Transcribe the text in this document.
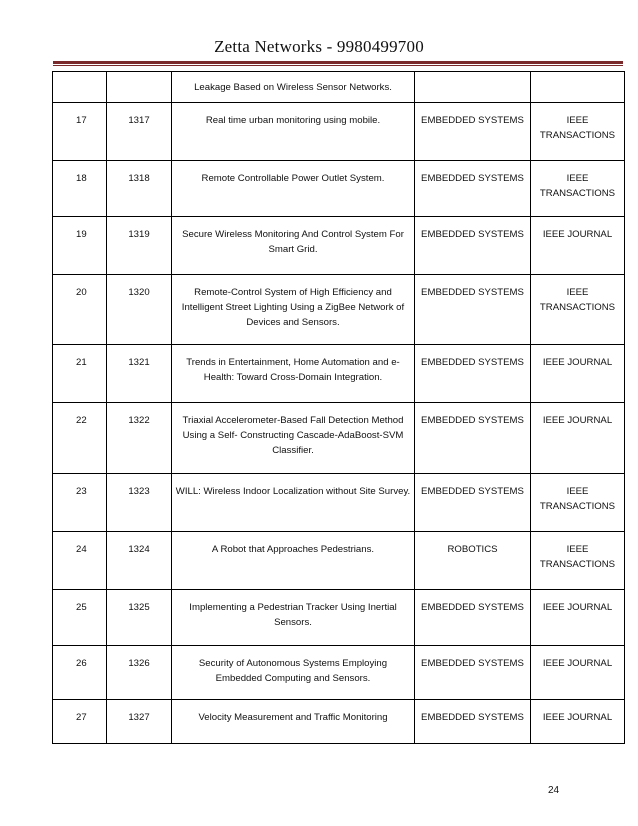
Zetta Networks - 9980499700

		Leakage Based on Wireless Sensor Networks.		

17	1317	Real time urban monitoring using mobile.	EMBEDDED SYSTEMS	IEEE TRANSACTIONS

18	1318	Remote Controllable Power Outlet System.	EMBEDDED SYSTEMS	IEEE TRANSACTIONS

19	1319	Secure Wireless Monitoring And Control System For Smart Grid.	EMBEDDED SYSTEMS	IEEE JOURNAL

20	1320	Remote-Control System of High Efficiency and Intelligent Street Lighting Using a ZigBee Network of Devices and Sensors.	EMBEDDED SYSTEMS	IEEE TRANSACTIONS

21	1321	Trends in Entertainment, Home Automation and e-Health: Toward Cross-Domain Integration.	EMBEDDED SYSTEMS	IEEE JOURNAL

22	1322	Triaxial Accelerometer-Based Fall Detection Method Using a Self- Constructing Cascade-AdaBoost-SVM Classifier.	EMBEDDED SYSTEMS	IEEE JOURNAL

23	1323	WILL: Wireless Indoor Localization without Site Survey.	EMBEDDED SYSTEMS	IEEE TRANSACTIONS

24	1324	A Robot that Approaches Pedestrians.	ROBOTICS	IEEE TRANSACTIONS

25	1325	Implementing a Pedestrian Tracker Using Inertial Sensors.	EMBEDDED SYSTEMS	IEEE JOURNAL

26	1326	Security of Autonomous Systems Employing Embedded Computing and Sensors.	EMBEDDED SYSTEMS	IEEE JOURNAL

27	1327	Velocity Measurement and Traffic Monitoring	EMBEDDED SYSTEMS	IEEE JOURNAL
24
